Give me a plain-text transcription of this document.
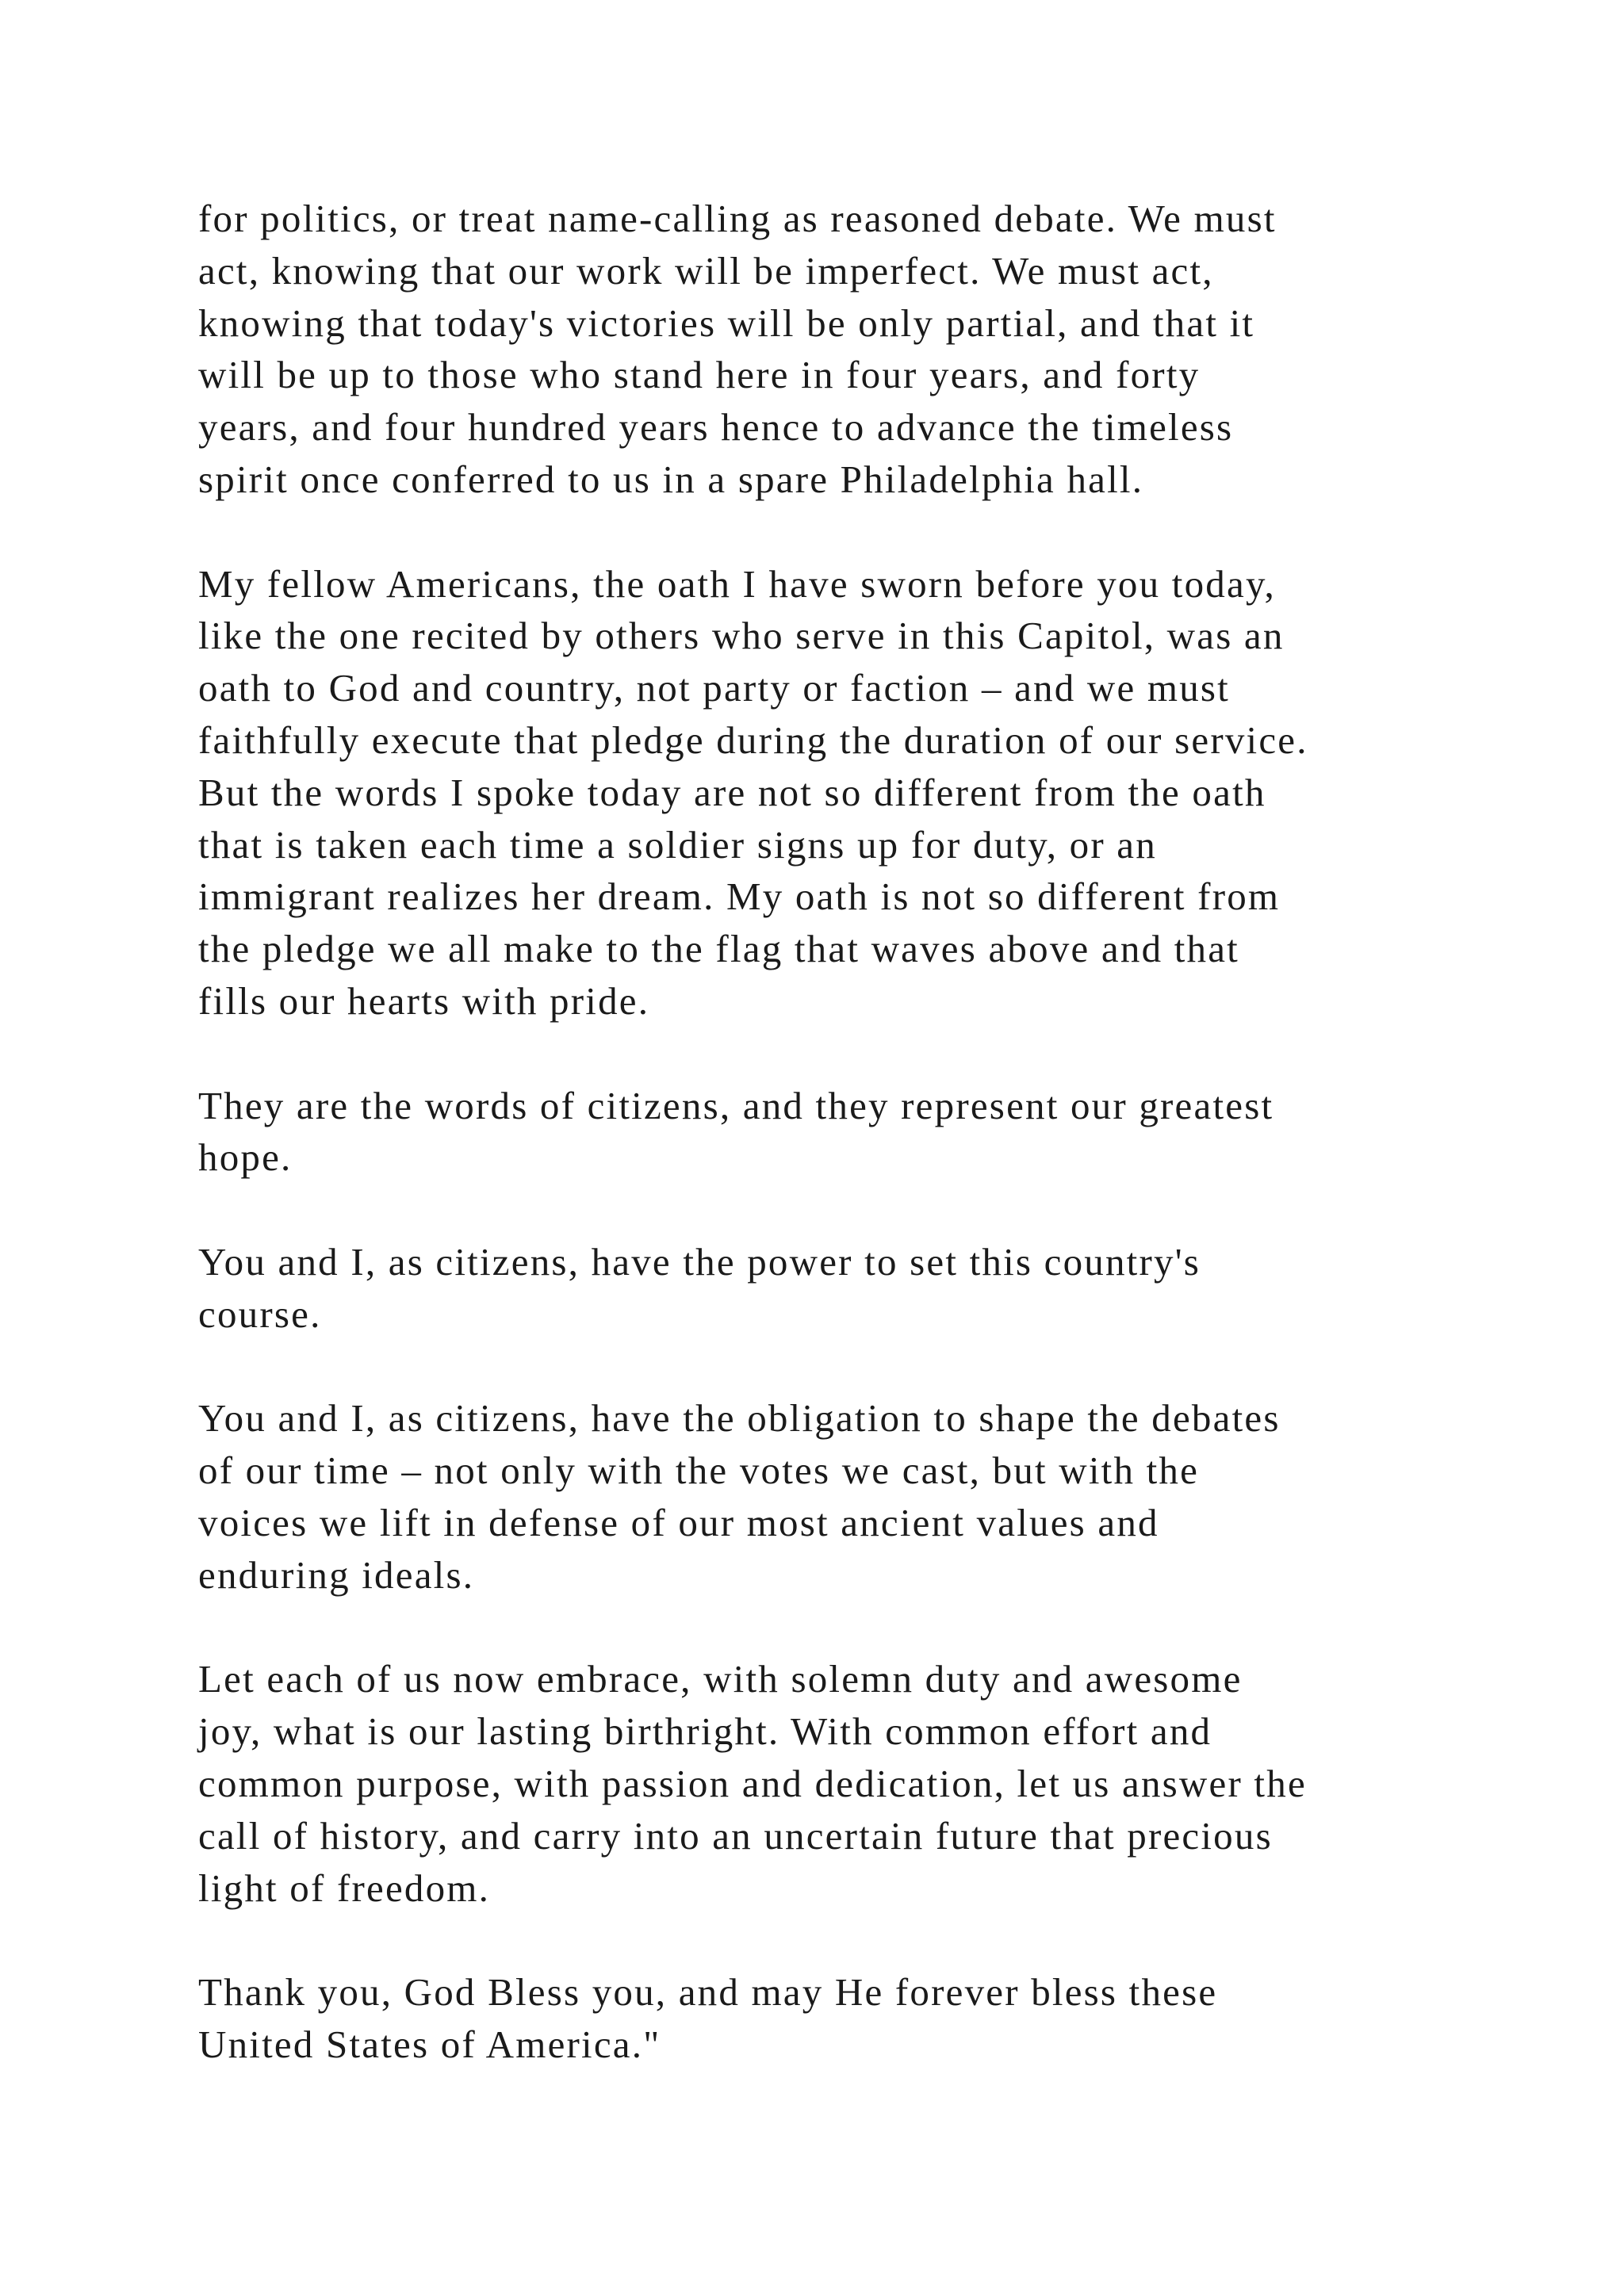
for politics, or treat name-calling as reasoned debate. We must
act, knowing that our work will be imperfect. We must act,
knowing that today's victories will be only partial, and that it
will be up to those who stand here in four years, and forty
years, and four hundred years hence to advance the timeless
spirit once conferred to us in a spare Philadelphia hall.

My fellow Americans, the oath I have sworn before you today,
like the one recited by others who serve in this Capitol, was an
oath to God and country, not party or faction – and we must
faithfully execute that pledge during the duration of our service.
But the words I spoke today are not so different from the oath
that is taken each time a soldier signs up for duty, or an
immigrant realizes her dream. My oath is not so different from
the pledge we all make to the flag that waves above and that
fills our hearts with pride.

They are the words of citizens, and they represent our greatest
hope.

You and I, as citizens, have the power to set this country's
course.

You and I, as citizens, have the obligation to shape the debates
of our time – not only with the votes we cast, but with the
voices we lift in defense of our most ancient values and
enduring ideals.

Let each of us now embrace, with solemn duty and awesome
joy, what is our lasting birthright. With common effort and
common purpose, with passion and dedication, let us answer the
call of history, and carry into an uncertain future that precious
light of freedom.

Thank you, God Bless you, and may He forever bless these
United States of America."
